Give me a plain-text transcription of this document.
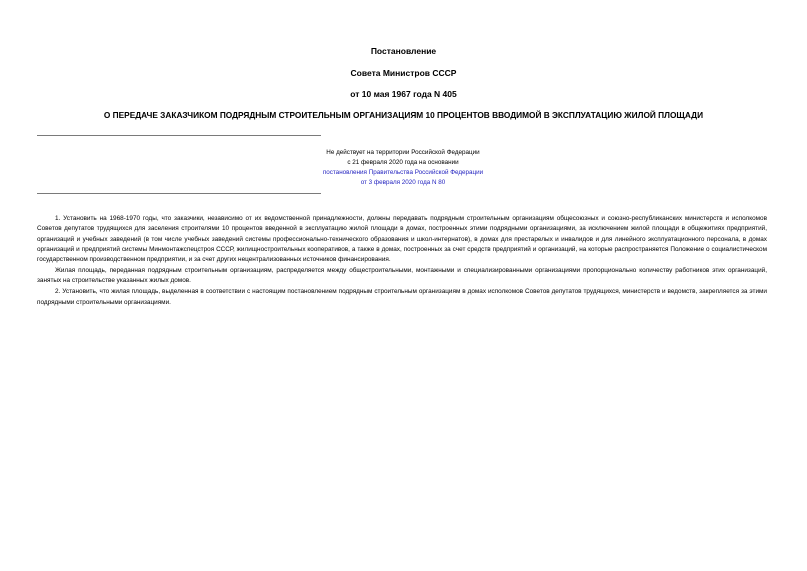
Постановление
Совета Министров СССР
от 10 мая 1967 года N 405
О ПЕРЕДАЧЕ ЗАКАЗЧИКОМ ПОДРЯДНЫМ СТРОИТЕЛЬНЫМ ОРГАНИЗАЦИЯМ 10 ПРОЦЕНТОВ ВВОДИМОЙ В ЭКСПЛУАТАЦИЮ ЖИЛОЙ ПЛОЩАДИ
Не действует на территории Российской Федерации
с 21 февраля 2020 года на основании
постановления Правительства Российской Федерации
от 3 февраля 2020 года N 80

1. Установить на 1968-1970 годы, что заказчики, независимо от их ведомственной принадлежности, должны передавать подрядным строительным организациям общесоюзных и союзно-республиканских министерств и исполкомов Советов депутатов трудящихся для заселения строителями 10 процентов введенной в эксплуатацию жилой площади в домах, построенных этими подрядными организациями, за исключением жилой площади в общежитиях предприятий, организаций и учебных заведений (в том числе учебных заведений системы профессионально-технического образования и школ-интернатов), в домах для престарелых и инвалидов и для линейного эксплуатационного персонала, в домах организаций и предприятий системы Минмонтажспецстроя СССР, жилищностроительных кооперативов, а также в домах, построенных за счет средств предприятий и организаций, на которые распространяется Положение о социалистическом государственном производственном предприятии, и за счет других нецентрализованных источников финансирования.

Жилая площадь, переданная подрядным строительным организациям, распределяется между общестроительными, монтажными и специализированными организациями пропорционально количеству работников этих организаций, занятых на строительстве указанных жилых домов.

2. Установить, что жилая площадь, выделенная в соответствии с настоящим постановлением подрядным строительным организациям в домах исполкомов Советов депутатов трудящихся, министерств и ведомств, закрепляется за этими подрядными строительными организациями.
